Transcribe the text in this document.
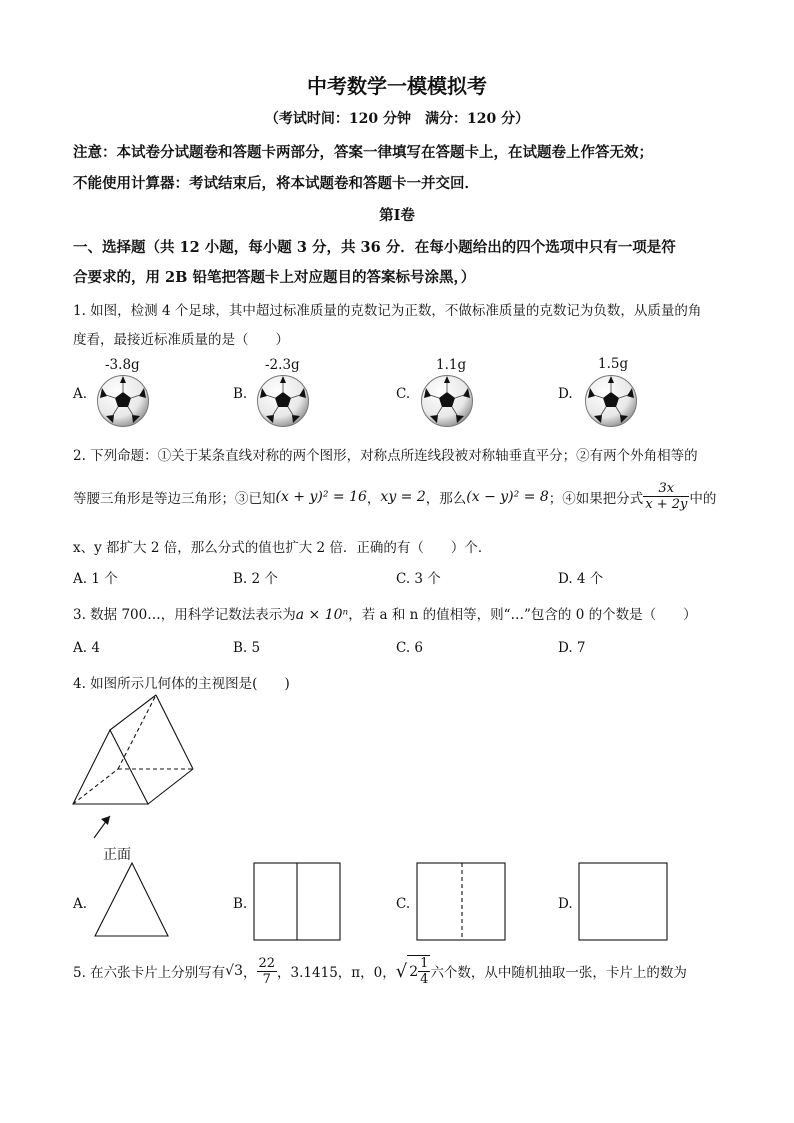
中考数学一模模拟考
（考试时间：120 分钟　满分：120 分）
注意：本试卷分试题卷和答题卡两部分，答案一律填写在答题卡上，在试题卷上作答无效；
不能使用计算器：考试结束后，将本试题卷和答题卡一并交回．
第Ⅰ卷
一、选择题（共 12 小题，每小题 3 分，共 36 分．在每小题给出的四个选项中只有一项是符
合要求的，用 2B 铅笔把答题卡上对应题目的答案标号涂黑，）
1. 如图，检测 4 个足球，其中超过标准质量的克数记为正数，不做标准质量的克数记为负数，从质量的角
度看，最接近标准质量的是（　　）
A.
-3.8g
B.
-2.3g
C.
1.1g
D.
1.5g
2. 下列命题：①关于某条直线对称的两个图形，对称点所连线段被对称轴垂直平分；②有两个外角相等的
等腰三角形是等边三角形；③已知 (x + y)² = 16 ， xy = 2 ，那么 (x − y)² = 8 ；④如果把分式 $\frac{3x}{x + 2y}$ 中的
x、y 都扩大 2 倍，那么分式的值也扩大 2 倍．正确的有（　　）个．
A. 1 个	B. 2 个	C. 3 个	D. 4 个
3. 数据 700…，用科学记数法表示为a × 10ⁿ，若 a 和 n 的值相等，则“…”包含的 0 的个数是（　　）
A. 4	B. 5	C. 6	D. 7
4. 如图所示几何体的主视图是(　　)
正面
A.	B.	C.	D.
5. 在六张卡片上分别写有 √3 ， $\frac{22}{7}$ ，3.1415，π，0， √ $2 \frac{1}{4}$ 六个数，从中随机抽取一张，卡片上的数为
